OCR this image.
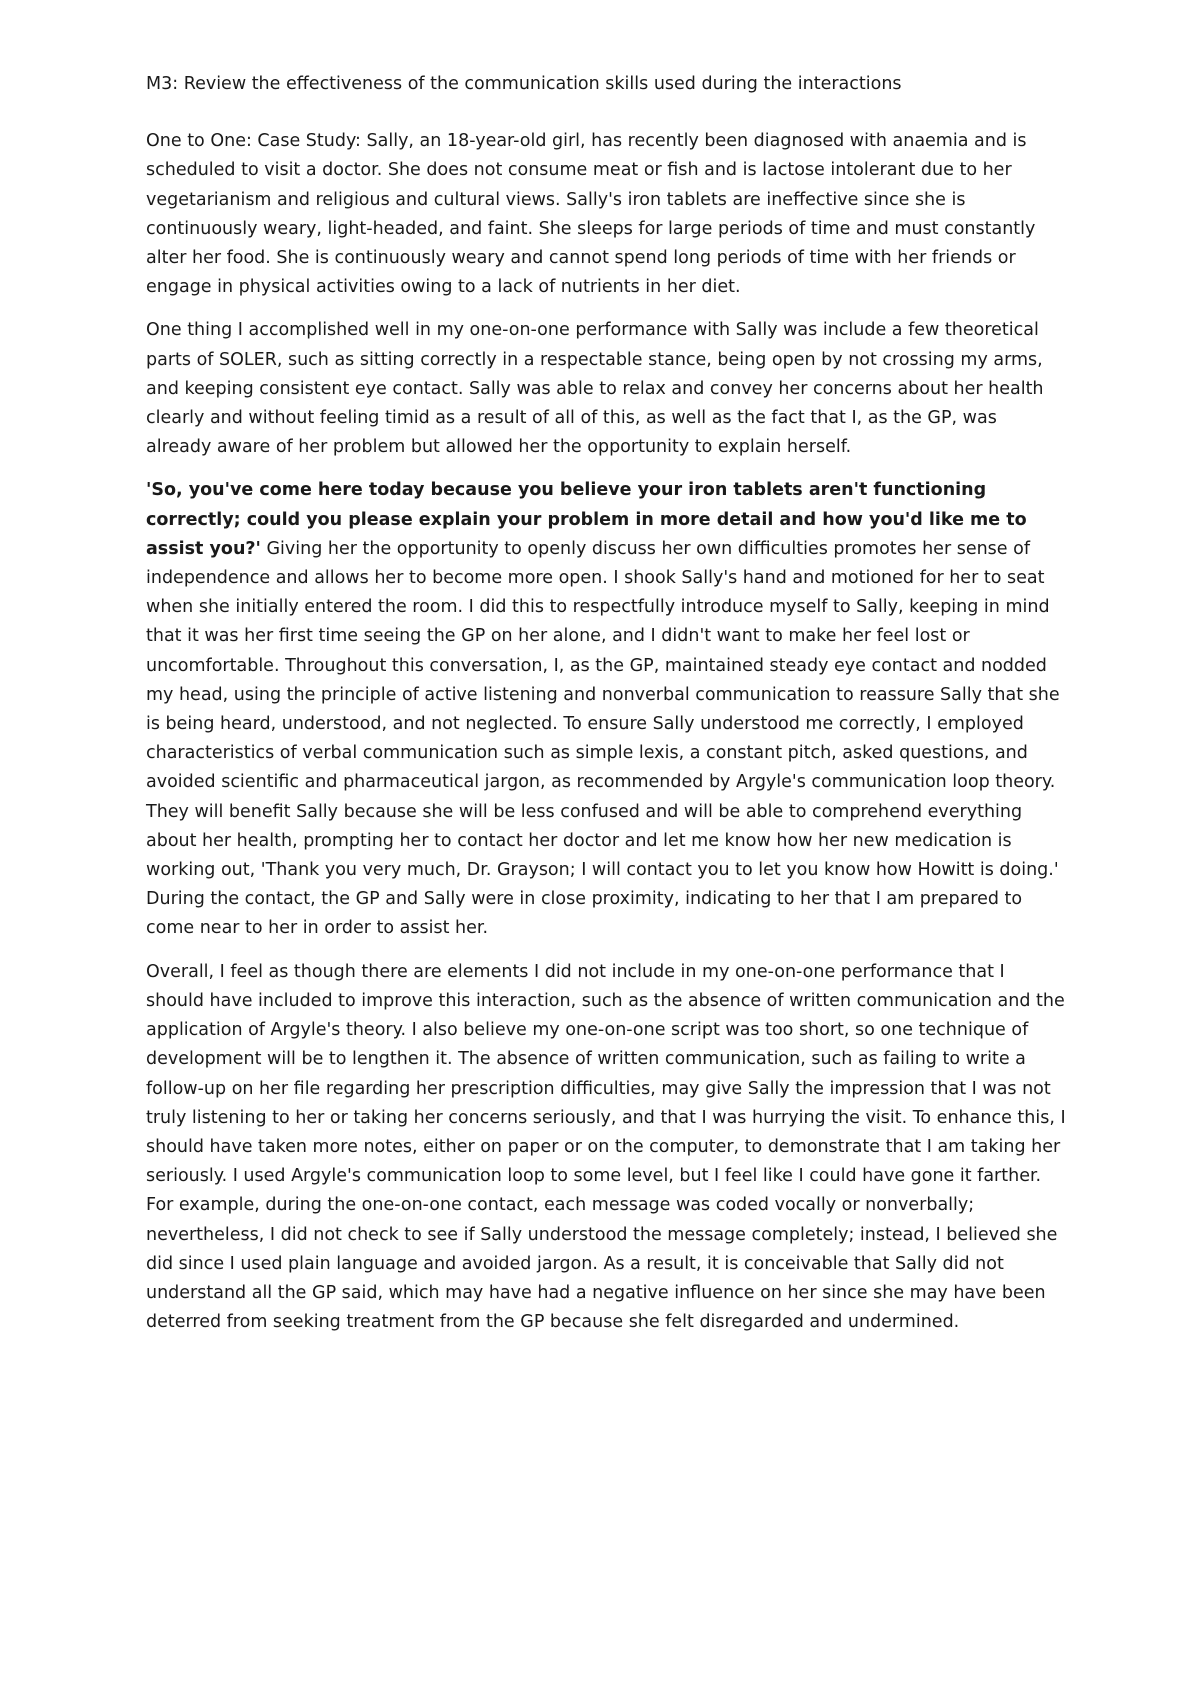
M3: Review the effectiveness of the communication skills used during the interactions

One to One: Case Study: Sally, an 18-year-old girl, has recently been diagnosed with anaemia and is scheduled to visit a doctor. She does not consume meat or fish and is lactose intolerant due to her vegetarianism and religious and cultural views. Sally's iron tablets are ineffective since she is continuously weary, light-headed, and faint. She sleeps for large periods of time and must constantly alter her food. She is continuously weary and cannot spend long periods of time with her friends or engage in physical activities owing to a lack of nutrients in her diet.

One thing I accomplished well in my one-on-one performance with Sally was include a few theoretical parts of SOLER, such as sitting correctly in a respectable stance, being open by not crossing my arms, and keeping consistent eye contact. Sally was able to relax and convey her concerns about her health clearly and without feeling timid as a result of all of this, as well as the fact that I, as the GP, was already aware of her problem but allowed her the opportunity to explain herself.

'So, you've come here today because you believe your iron tablets aren't functioning correctly; could you please explain your problem in more detail and how you'd like me to assist you?' Giving her the opportunity to openly discuss her own difficulties promotes her sense of independence and allows her to become more open. I shook Sally's hand and motioned for her to seat when she initially entered the room. I did this to respectfully introduce myself to Sally, keeping in mind that it was her first time seeing the GP on her alone, and I didn't want to make her feel lost or uncomfortable. Throughout this conversation, I, as the GP, maintained steady eye contact and nodded my head, using the principle of active listening and nonverbal communication to reassure Sally that she is being heard, understood, and not neglected. To ensure Sally understood me correctly, I employed characteristics of verbal communication such as simple lexis, a constant pitch, asked questions, and avoided scientific and pharmaceutical jargon, as recommended by Argyle's communication loop theory. They will benefit Sally because she will be less confused and will be able to comprehend everything about her health, prompting her to contact her doctor and let me know how her new medication is working out, 'Thank you very much, Dr. Grayson; I will contact you to let you know how Howitt is doing.' During the contact, the GP and Sally were in close proximity, indicating to her that I am prepared to come near to her in order to assist her.

Overall, I feel as though there are elements I did not include in my one-on-one performance that I should have included to improve this interaction, such as the absence of written communication and the application of Argyle's theory. I also believe my one-on-one script was too short, so one technique of development will be to lengthen it. The absence of written communication, such as failing to write a follow-up on her file regarding her prescription difficulties, may give Sally the impression that I was not truly listening to her or taking her concerns seriously, and that I was hurrying the visit. To enhance this, I should have taken more notes, either on paper or on the computer, to demonstrate that I am taking her seriously. I used Argyle's communication loop to some level, but I feel like I could have gone it farther. For example, during the one-on-one contact, each message was coded vocally or nonverbally; nevertheless, I did not check to see if Sally understood the message completely; instead, I believed she did since I used plain language and avoided jargon. As a result, it is conceivable that Sally did not understand all the GP said, which may have had a negative influence on her since she may have been deterred from seeking treatment from the GP because she felt disregarded and undermined.
